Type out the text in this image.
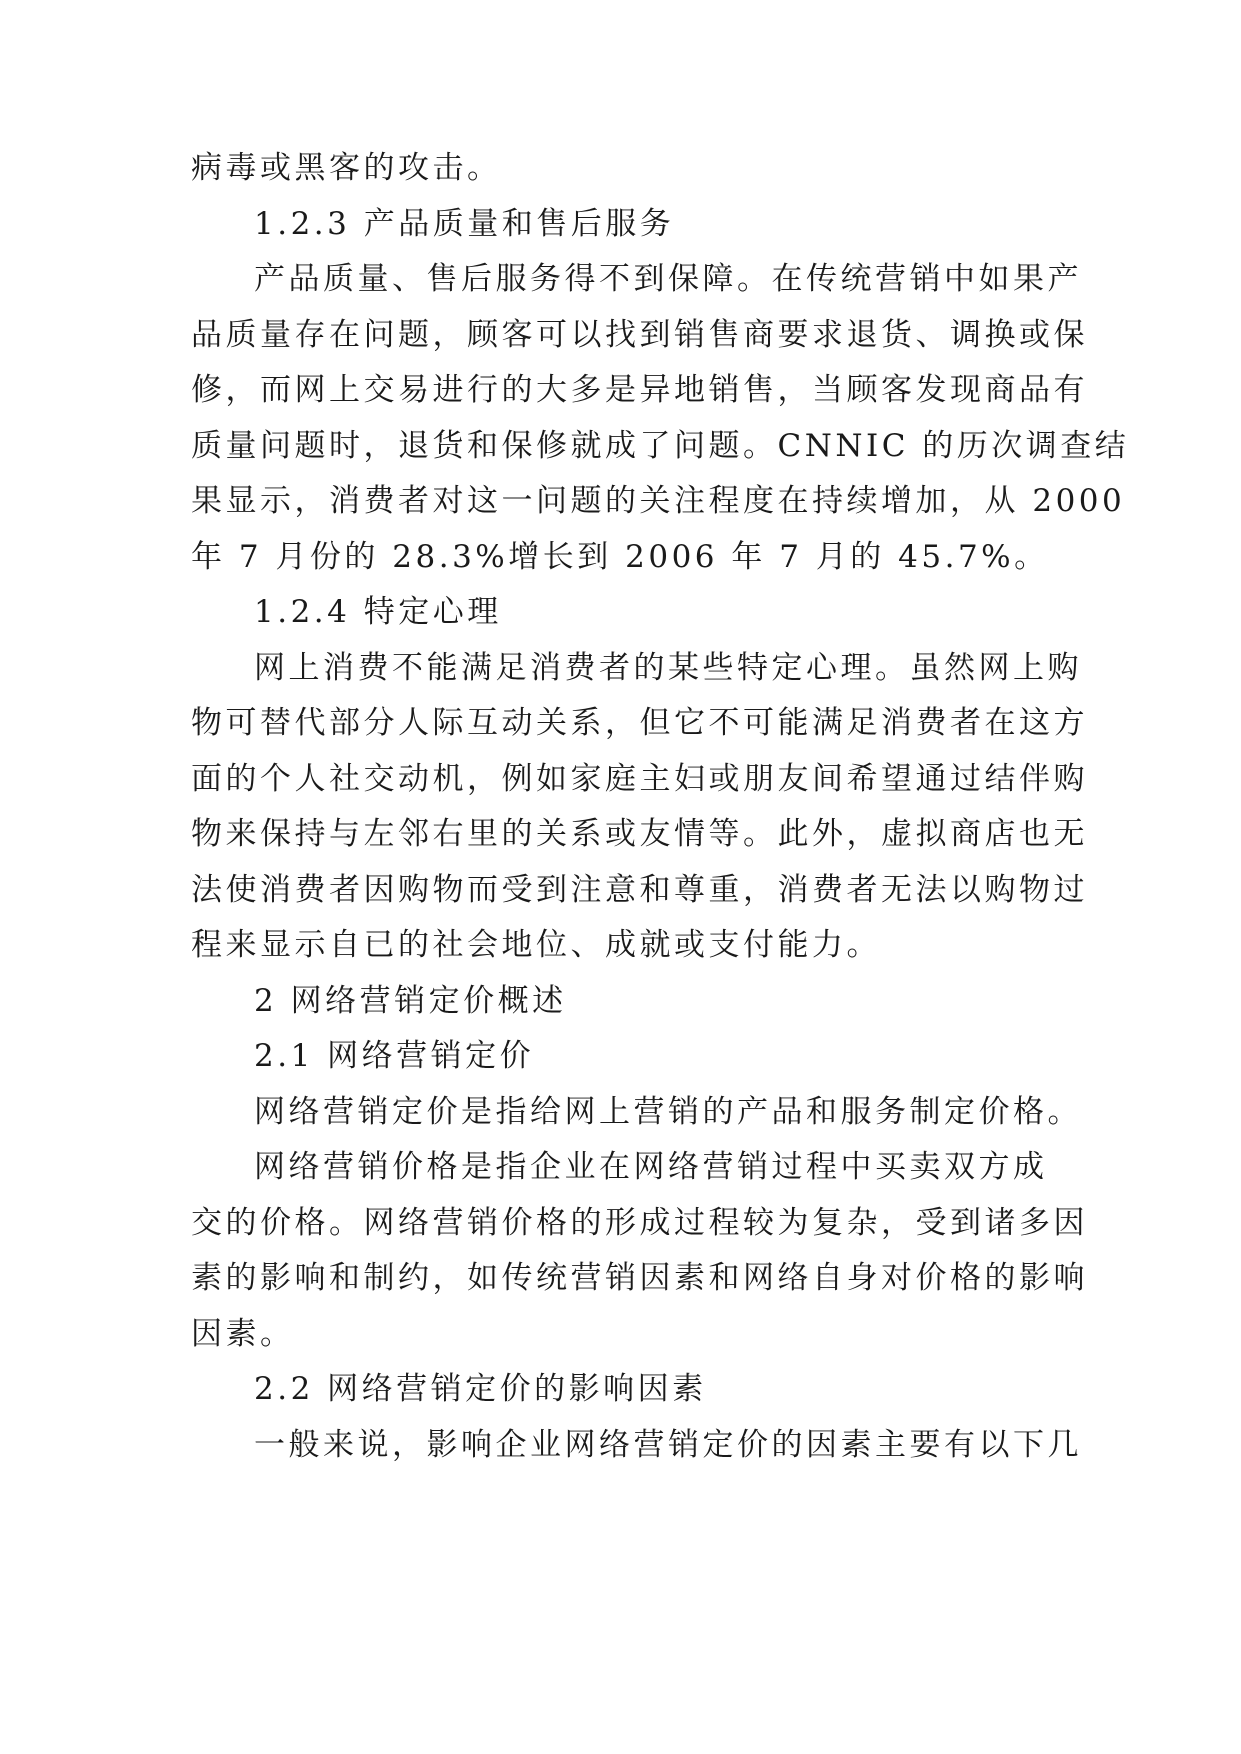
病毒或黑客的攻击。
1.2.3 产品质量和售后服务
产品质量、售后服务得不到保障。在传统营销中如果产
品质量存在问题，顾客可以找到销售商要求退货、调换或保
修，而网上交易进行的大多是异地销售，当顾客发现商品有
质量问题时，退货和保修就成了问题。CNNIC 的历次调查结
果显示，消费者对这一问题的关注程度在持续增加，从 2000
年 7 月份的 28.3%增长到 2006 年 7 月的 45.7%。
1.2.4 特定心理
网上消费不能满足消费者的某些特定心理。虽然网上购
物可替代部分人际互动关系，但它不可能满足消费者在这方
面的个人社交动机，例如家庭主妇或朋友间希望通过结伴购
物来保持与左邻右里的关系或友情等。此外，虚拟商店也无
法使消费者因购物而受到注意和尊重，消费者无法以购物过
程来显示自已的社会地位、成就或支付能力。
2 网络营销定价概述
2.1 网络营销定价
网络营销定价是指给网上营销的产品和服务制定价格。
网络营销价格是指企业在网络营销过程中买卖双方成
交的价格。网络营销价格的形成过程较为复杂，受到诸多因
素的影响和制约，如传统营销因素和网络自身对价格的影响
因素。
2.2 网络营销定价的影响因素
一般来说，影响企业网络营销定价的因素主要有以下几
